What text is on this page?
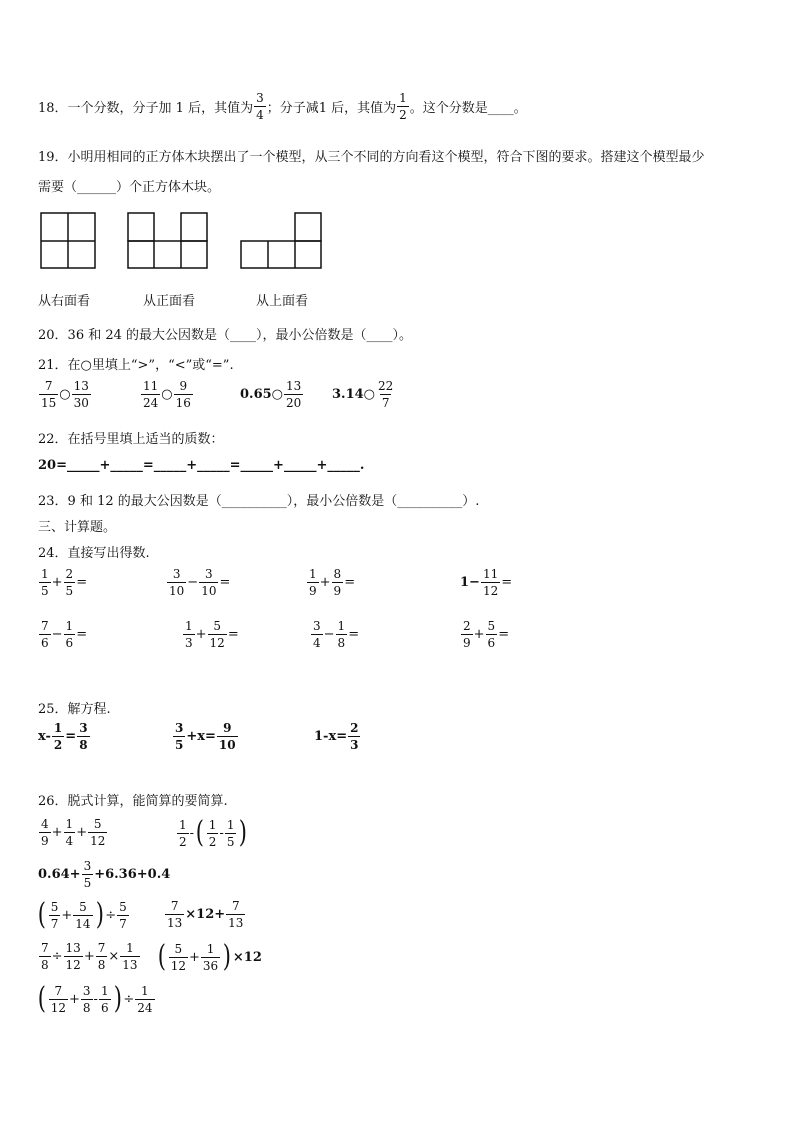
18． 一个分数，分子加 1 后，其值为
3
4 ；分子减1 后，其值为
1
2 。这个分数是____。
19．小明用相同的正方体木块摆出了一个模型，从三个不同的方向看这个模型，符合下图的要求。搭建这个模型最少
需要（______）个正方体木块。
从右面看	从正面看	从上面看
20．36 和 24 的最大公因数是（____），最小公倍数是（____）。
21．在○里填上“>”，“<”或“=”.
7
15
○
13
30
11
24
○
9
16
0.65○
13
20
3.14○
22
7
22．在括号里填上适当的质数：
20=_____+_____=_____+_____=_____+_____+_____.
23．9 和 12 的最大公因数是（__________），最小公倍数是（__________）.
三、计算题。
24．直接写出得数.
1
5
+ $\frac{2}{5}$ =
3
10
− $\frac{3}{10}$ =
1
9
+ $\frac{8}{9}$ =	$1- \frac{11}{12}$ =
7
6
− $\frac{1}{6}$ =
1
3
+ $\frac{5}{12}$ =
3
4
− $\frac{1}{8}$ =
2
9
+ $\frac{5}{6}$ =
25．解方程.
$x- \frac{1}{2} = \frac{3}{8}$	3
5
$+x= \frac{9}{10}$	$1-x= \frac{2}{3}$
26．脱式计算，能简算的要简算.
4
9
+ $\frac{1}{4} + \frac{5}{12}$	1
2
- ( 1
2
-
1
5 )
$0.64+ \frac{3}{5} +6.36+0.4$
( 5
7
+ $\frac{5}{14}$ ) ÷ $\frac{5}{7}$	$\frac{7}{13} \times 12+ \frac{7}{13}$
$\frac{7}{8} \div \frac{13}{12} + \frac{7}{8} \times \frac{1}{13}$ ( 5
12
+ $\frac{1}{36}$ ) ×12
( 7
12
+ $\frac{3}{8}$ -
1
6 ) ÷ $\frac{1}{24}$
